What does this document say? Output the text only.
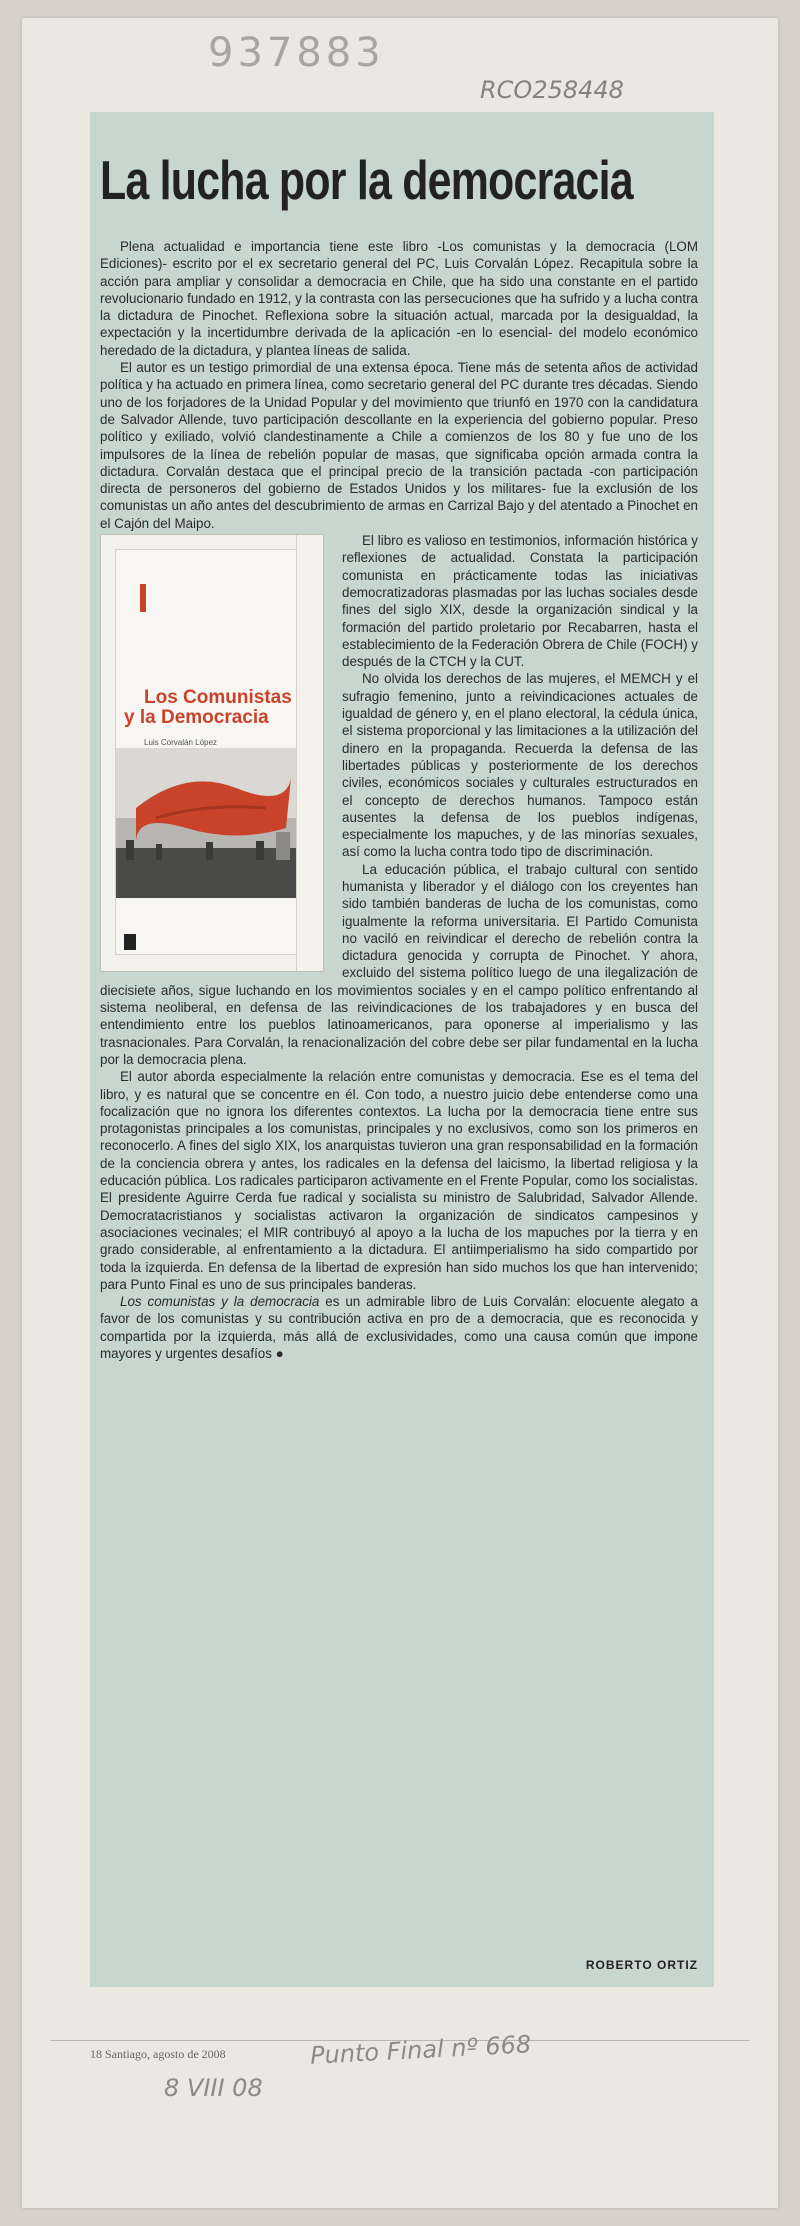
937883
RCO258448
La lucha por la democracia

Plena actualidad e importancia tiene este libro -Los comunistas y la democracia (LOM Ediciones)- escrito por el ex secretario general del PC, Luis Corvalán López. Recapitula sobre la acción para ampliar y consolidar a democracia en Chile, que ha sido una constante en el partido revolucionario fundado en 1912, y la contrasta con las persecuciones que ha sufrido y a lucha contra la dictadura de Pinochet. Reflexiona sobre la situación actual, marcada por la desigualdad, la expectación y la incertidumbre derivada de la aplicación -en lo esencial- del modelo económico heredado de la dictadura, y plantea líneas de salida.

El autor es un testigo primordial de una extensa época. Tiene más de setenta años de actividad política y ha actuado en primera línea, como secretario general del PC durante tres décadas. Siendo uno de los forjadores de la Unidad Popular y del movimiento que triunfó en 1970 con la candidatura de Salvador Allende, tuvo participación descollante en la experiencia del gobierno popular. Preso político y exiliado, volvió clandestinamente a Chile a comienzos de los 80 y fue uno de los impulsores de la línea de rebelión popular de masas, que significaba opción armada contra la dictadura. Corvalán destaca que el principal precio de la transición pactada -con participación directa de personeros del gobierno de Estados Unidos y los militares- fue la exclusión de los comunistas un año antes del descubrimiento de armas en Carrizal Bajo y del atentado a Pinochet en el Cajón del Maipo.

Los Comunistas
y la Democracia
Luis Corvalán López
El libro es valioso en testimonios, información histórica y reflexiones de actualidad. Constata la participación comunista en prácticamente todas las iniciativas democratizadoras plasmadas por las luchas sociales desde fines del siglo XIX, desde la organización sindical y la formación del partido proletario por Recabarren, hasta el establecimiento de la Federación Obrera de Chile (FOCH) y después de la CTCH y la CUT.

No olvida los derechos de las mujeres, el MEMCH y el sufragio femenino, junto a reivindicaciones actuales de igualdad de género y, en el plano electoral, la cédula única, el sistema proporcional y las limitaciones a la utilización del dinero en la propaganda. Recuerda la defensa de las libertades públicas y posteriormente de los derechos civiles, económicos sociales y culturales estructurados en el concepto de derechos humanos. Tampoco están ausentes la defensa de los pueblos indígenas, especialmente los mapuches, y de las minorías sexuales, así como la lucha contra todo tipo de discriminación.

La educación pública, el trabajo cultural con sentido humanista y liberador y el diálogo con los creyentes han sido también banderas de lucha de los comunistas, como igualmente la reforma universitaria. El Partido Comunista no vaciló en reivindicar el derecho de rebelión contra la dictadura genocida y corrupta de Pinochet. Y ahora, excluido del sistema político luego de una ilegalización de diecisiete años, sigue luchando en los movimientos sociales y en el campo político enfrentando al sistema neoliberal, en defensa de las reivindicaciones de los trabajadores y en busca del entendimiento entre los pueblos latinoamericanos, para oponerse al imperialismo y las trasnacionales. Para Corvalán, la renacionalización del cobre debe ser pilar fundamental en la lucha por la democracia plena.

El autor aborda especialmente la relación entre comunistas y democracia. Ese es el tema del libro, y es natural que se concentre en él. Con todo, a nuestro juicio debe entenderse como una focalización que no ignora los diferentes contextos. La lucha por la democracia tiene entre sus protagonistas principales a los comunistas, principales y no exclusivos, como son los primeros en reconocerlo. A fines del siglo XIX, los anarquistas tuvieron una gran responsabilidad en la formación de la conciencia obrera y antes, los radicales en la defensa del laicismo, la libertad religiosa y la educación pública. Los radicales participaron activamente en el Frente Popular, como los socialistas. El presidente Aguirre Cerda fue radical y socialista su ministro de Salubridad, Salvador Allende. Democratacristianos y socialistas activaron la organización de sindicatos campesinos y asociaciones vecinales; el MIR contribuyó al apoyo a la lucha de los mapuches por la tierra y en grado considerable, al enfrentamiento a la dictadura. El antiimperialismo ha sido compartido por toda la izquierda. En defensa de la libertad de expresión han sido muchos los que han intervenido; para Punto Final es uno de sus principales banderas.

Los comunistas y la democracia es un admirable libro de Luis Corvalán: elocuente alegato a favor de los comunistas y su contribución activa en pro de a democracia, que es reconocida y compartida por la izquierda, más allá de exclusividades, como una causa común que impone mayores y urgentes desafíos ●

ROBERTO ORTIZ
18 Santiago, agosto de 2008	Punto Final nº 668
8 VIII 08
